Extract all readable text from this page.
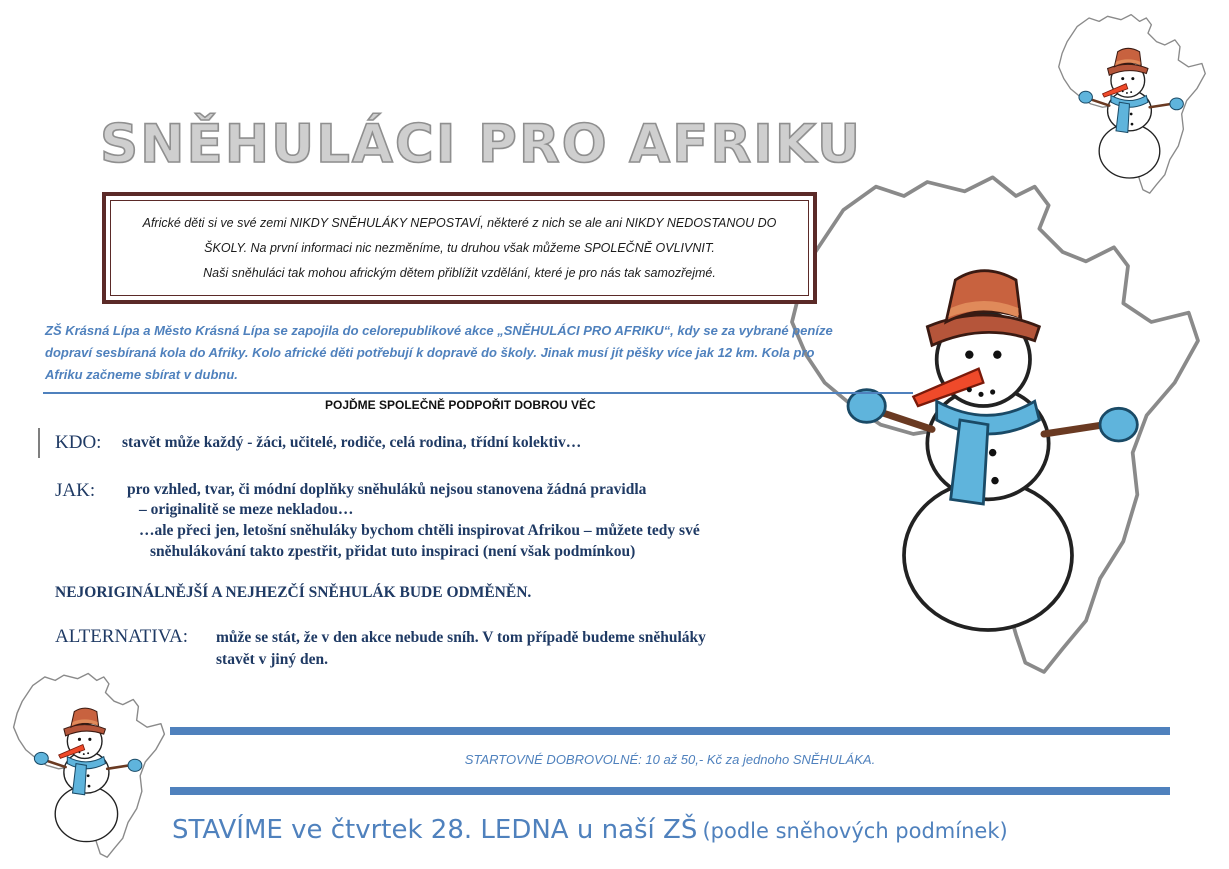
SNĚHULÁCI PRO AFRIKU
Africké děti si ve své zemi NIKDY SNĚHULÁKY NEPOSTAVÍ, některé z nich se ale ani NIKDY NEDOSTANOU DO
ŠKOLY. Na první informaci nic nezměníme, tu druhou však můžeme SPOLEČNĚ OVLIVNIT.
Naši sněhuláci tak mohou africkým dětem přiblížit vzdělání, které je pro nás tak samozřejmé.
ZŠ Krásná Lípa a Město Krásná Lípa se zapojila do celorepublikové akce „SNĚHULÁCI PRO AFRIKU“, kdy se za vybrané peníze
dopraví sesbíraná kola do Afriky. Kolo africké děti potřebují k dopravě do školy. Jinak musí jít pěšky více jak 12 km. Kola pro
Afriku začneme sbírat v dubnu.
POJĎME SPOLEČNĚ PODPOŘIT DOBROU VĚC
KDO: stavět může každý - žáci, učitelé, rodiče, celá rodina, třídní kolektiv…
JAK: pro vzhled, tvar, či módní doplňky sněhuláků nejsou stanovena žádná pravidla
– originalitě se meze nekladou…
…ale přeci jen, letošní sněhuláky bychom chtěli inspirovat Afrikou – můžete tedy své
sněhulákování takto zpestřit, přidat tuto inspiraci (není však podmínkou)
NEJORIGINÁLNĚJŠÍ A NEJHEZČÍ SNĚHULÁK BUDE ODMĚNĚN.
ALTERNATIVA: může se stát, že v den akce nebude sníh. V tom případě budeme sněhuláky
stavět v jiný den.
STARTOVNÉ DOBROVOLNÉ: 10 až 50,- Kč za jednoho SNĚHULÁKA.
STAVÍME ve čtvrtek 28. LEDNA u naší ZŠ (podle sněhových podmínek)
